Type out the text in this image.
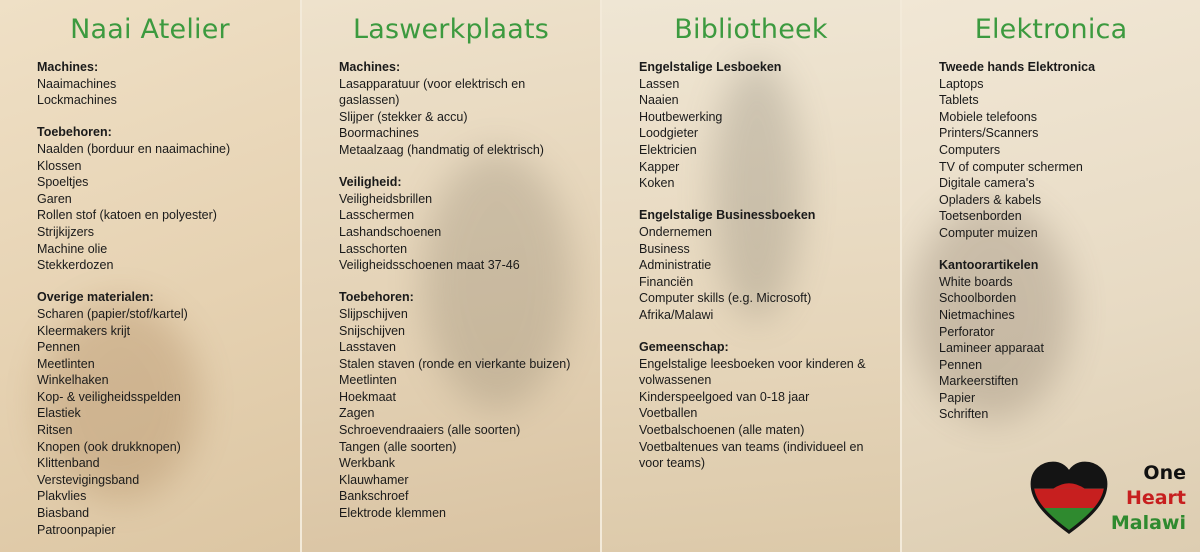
Naai Atelier
Machines:
Naaimachines
Lockmachines
Toebehoren:
Naalden (borduur en naaimachine)
Klossen
Spoeltjes
Garen
Rollen stof (katoen en polyester)
Strijkijzers
Machine olie
Stekkerdozen
Overige materialen:
Scharen (papier/stof/kartel)
Kleermakers krijt
Pennen
Meetlinten
Winkelhaken
Kop- & veiligheidsspelden
Elastiek
Ritsen
Knopen (ook drukknopen)
Klittenband
Verstevigingsband
Plakvlies
Biasband
Patroonpapier
Laswerkplaats
Machines:
Lasapparatuur (voor elektrisch en gaslassen)
Slijper (stekker & accu)
Boormachines
Metaalzaag (handmatig of elektrisch)
Veiligheid:
Veiligheidsbrillen
Lasschermen
Lashandschoenen
Lasschorten
Veiligheidsschoenen maat 37-46
Toebehoren:
Slijpschijven
Snijschijven
Lasstaven
Stalen staven (ronde en vierkante buizen)
Meetlinten
Hoekmaat
Zagen
Schroevendraaiers (alle soorten)
Tangen (alle soorten)
Werkbank
Klauwhamer
Bankschroef
Elektrode klemmen
Bibliotheek
Engelstalige Lesboeken
Lassen
Naaien
Houtbewerking
Loodgieter
Elektricien
Kapper
Koken
Engelstalige Businessboeken
Ondernemen
Business
Administratie
Financiën
Computer skills (e.g. Microsoft)
Afrika/Malawi
Gemeenschap:
Engelstalige leesboeken voor kinderen & volwassenen
Kinderspeelgoed van 0-18 jaar
Voetballen
Voetbalschoenen (alle maten)
Voetbaltenues van teams (individueel en voor teams)
Elektronica
Tweede hands Elektronica
Laptops
Tablets
Mobiele telefoons
Printers/Scanners
Computers
TV of computer schermen
Digitale camera's
Opladers & kabels
Toetsenborden
Computer muizen
Kantoorartikelen
White boards
Schoolborden
Nietmachines
Perforator
Lamineer apparaat
Pennen
Markeerstiften
Papier
Schriften
One
Heart
Malawi
